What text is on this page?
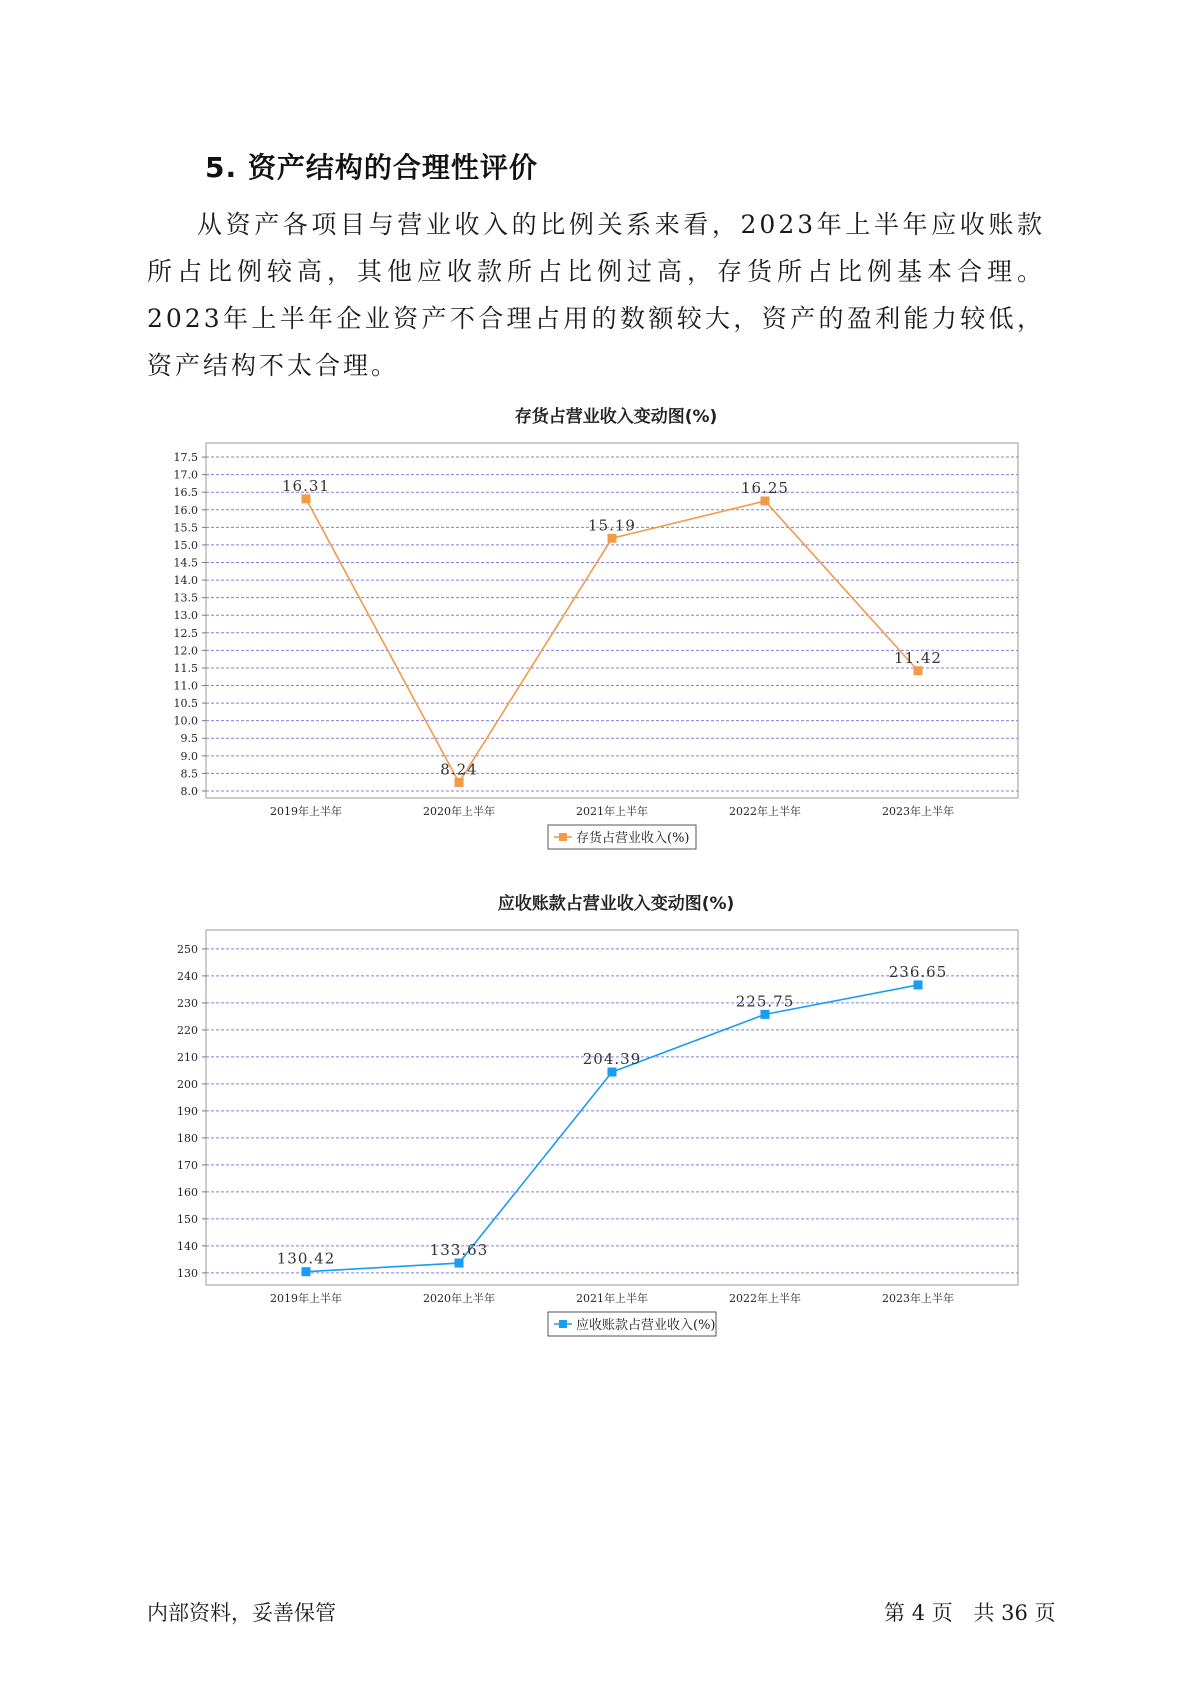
5. 资产结构的合理性评价

从资产各项目与营业收入的比例关系来看，2023年上半年应收账款所占比例较高，其他应收款所占比例过高，存货所占比例基本合理。2023年上半年企业资产不合理占用的数额较大，资产的盈利能力较低，资产结构不太合理。

存货占营业收入变动图(%)
8.0
8.5
9.0
9.5
10.0
10.5
11.0
11.5
12.0
12.5
13.0
13.5
14.0
14.5
15.0
15.5
16.0
16.5
17.0
17.5
2019年上半年	2020年上半年	2021年上半年	2022年上半年	2023年上半年
16.31
8.24
15.19
16.25
11.42
存货占营业收入(%)
应收账款占营业收入变动图(%)
130
140
150
160
170
180
190
200
210
220
230
240
250
2019年上半年	2020年上半年	2021年上半年	2022年上半年	2023年上半年
130.42	133.63
204.39
225.75
236.65
应收账款占营业收入(%)
内部资料，妥善保管	第 4 页 共 36 页
